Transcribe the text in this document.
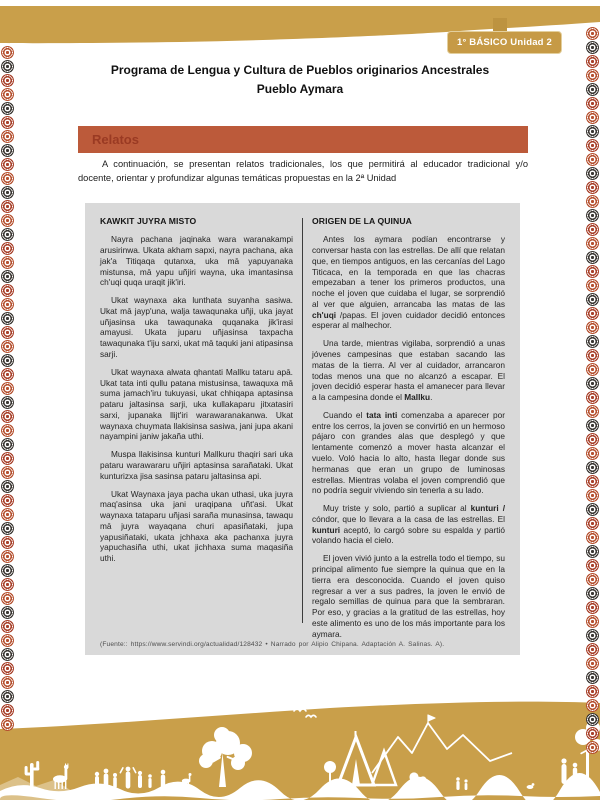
1° BÁSICO Unidad 2
Programa de Lengua y Cultura de Pueblos originarios Ancestrales
Pueblo Aymara
Relatos

A continuación, se presentan relatos tradicionales, los que permitirá al educador tradicional y/o docente, orientar y profundizar algunas temáticas propuestas en la 2ª Unidad

KAWKIT JUYRA MISTO

Nayra pachana jaqinaka wara waranakampi arusirinwa. Ukata akham sapxi, nayra pachana, aka jak'a Titiqaqa qutanxa, uka mā yapuyanaka mistunsa, mā yapu uñjiri wayna, uka imantasinsa ch'uqi quqa uraqit jik'iri.

Ukat waynaxa aka lunthata suyanha sasiwa. Ukat mā jayp'una, walja tawaqunaka uñji, uka jayat uñjasinsa uka tawaqunaka quqanaka jik'irasi amayusi. Ukata juparu uñjasinsa taxpacha tawaqunaka t'iju sarxi, ukat mā taquki jani atipasinsa sarji.

Ukat waynaxa alwata qhantati Mallku tataru apā. Ukat tata inti qullu patana mistusinsa, tawaquxa mā suma jamach'iru tukuyasi, ukat chhiqapa aptasinsa pataru jaltasinsa sarji, uka kullakaparu jitxatasiri sarxi, jupanaka llijt'iri warawaranakanwa. Ukat waynaxa chuymata llakisinsa sasiwa, jani jupa akani nayampini janiw jakaña uthi.

Muspa llakisinsa kunturi Mallkuru thaqiri sari uka pataru warawararu uñjiri aptasinsa sarañataki. Ukat kunturizxa jisa sasinsa pataru jaltasinsa api.

Ukat Waynaxa jaya pacha ukan uthasi, uka juyra maq'asinsa uka jani uraqipana uñt'asi. Ukat waynaxa tataparu uñjasi saraña munasinsa, tawaqu mā juyra wayaqana churi apasiñataki, jupa yapusiñataki, ukata jchhaxa aka pachanxa juyra yapuchasiña uthi, ukat jichhaxa suma maqasiña uthi.

ORIGEN DE LA QUINUA

Antes los aymara podían encontrarse y conversar hasta con las estrellas. De allí que relatan que, en tiempos antiguos, en las cercanías del Lago Titicaca, en la temporada en que las chacras empezaban a tener los primeros productos, una noche el joven que cuidaba el lugar, se sorprendió al ver que alguien, arrancaba las matas de las ch'uqi /papas. El joven cuidador decidió entonces esperar al malhechor.

Una tarde, mientras vigilaba, sorprendió a unas jóvenes campesinas que estaban sacando las matas de la tierra. Al ver al cuidador, arrancaron todas menos una que no alcanzó a escapar. El joven decidió esperar hasta el amanecer para llevar a la campesina donde el Mallku.

Cuando el tata inti comenzaba a aparecer por entre los cerros, la joven se convirtió en un hermoso pájaro con grandes alas que desplegó y que lentamente comenzó a mover hasta alcanzar el vuelo. Voló hacia lo alto, hasta llegar donde sus hermanas que eran un grupo de luminosas estrellas. Mientras volaba el joven comprendió que no podría seguir viviendo sin tenerla a su lado.

Muy triste y solo, partió a suplicar al kunturi / cóndor, que lo llevara a la casa de las estrellas. El kunturi aceptó, lo cargó sobre su espalda y partió volando hacia el cielo.

El joven vivió junto a la estrella todo el tiempo, su principal alimento fue siempre la quinua que en la tierra era desconocida. Cuando el joven quiso regresar a ver a sus padres, la joven le envió de regalo semillas de quinua para que la sembraran. Por eso, y gracias a la gratitud de las estrellas, hoy este alimento es uno de los más importante para los aymara.

(Fuente:: https://www.servindi.org/actualidad/128432 • Narrado por Alipio Chipana. Adaptación A. Salinas. A).
